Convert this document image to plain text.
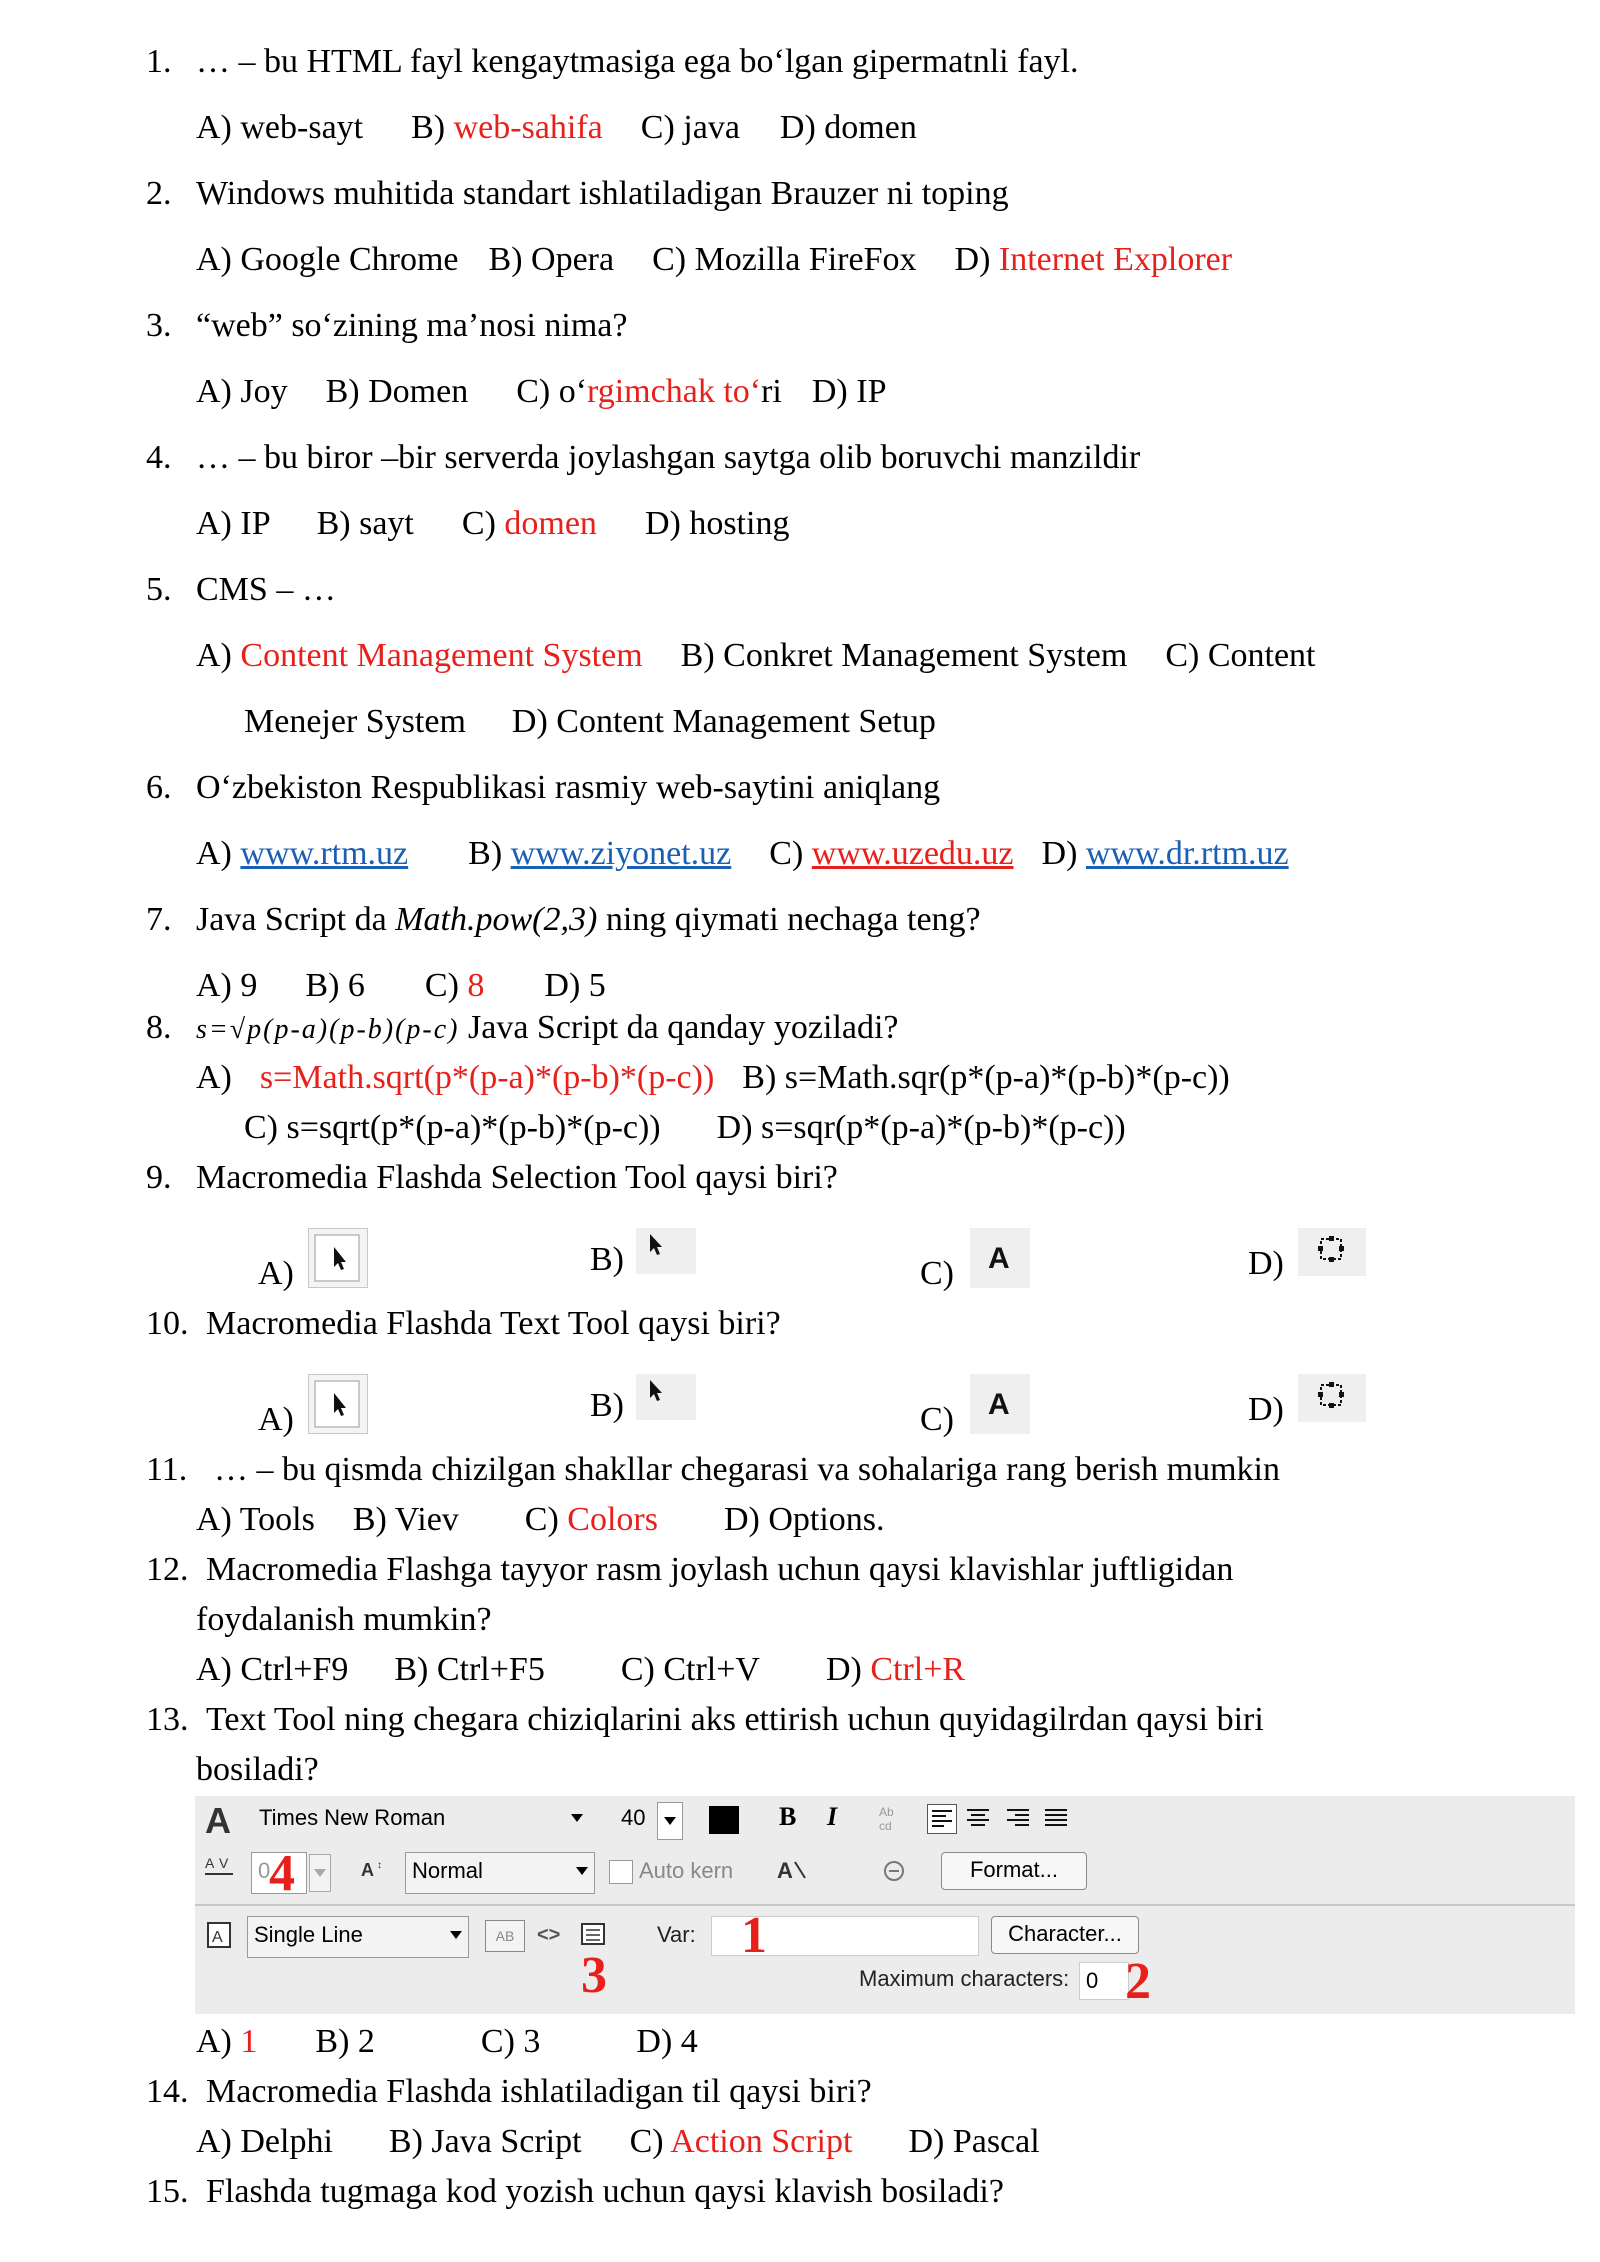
1. … – bu HTML fayl kengaytmasiga ega bo‘lgan gipermatnli fayl.
A) web-sayt B) web-sahifa C) java D) domen
2. Windows muhitida standart ishlatiladigan Brauzer ni toping
A) Google Chrome B) Opera C) Mozilla FireFox D) Internet Explorer
3. “web” so‘zining ma’nosi nima?
A) Joy B) Domen C) o‘rgimchak to‘ri D) IP
4. … – bu biror –bir serverda joylashgan saytga olib boruvchi manzildir
A) IP B) sayt C) domen D) hosting
5. CMS – …
A) Content Management System B) Conkret Management System C) Content
Menejer System D) Content Management Setup
6. O‘zbekiston Respublikasi rasmiy web-saytini aniqlang
A) www.rtm.uz B) www.ziyonet.uz C) www.uzedu.uz D) www.dr.rtm.uz
7. Java Script da Math.pow(2,3) ning qiymati nechaga teng?
A) 9 B) 6 C) 8 D) 5
8. s=√p(p-a)(p-b)(p-c) Java Script da qanday yoziladi?
A) s=Math.sqrt(p*(p-a)*(p-b)*(p-c)) B) s=Math.sqr(p*(p-a)*(p-b)*(p-c))
C) s=sqrt(p*(p-a)*(p-b)*(p-c)) D) s=sqr(p*(p-a)*(p-b)*(p-c))
9. Macromedia Flashda Selection Tool qaysi biri?
A)	B)	C) A	D)
10. Macromedia Flashda Text Tool qaysi biri?
A)	B)	C) A	D)
11. … – bu qismda chizilgan shakllar chegarasi va sohalariga rang berish mumkin
A) Tools B) Viev C) Colors D) Options.
12. Macromedia Flashga tayyor rasm joylash uchun qaysi klavishlar juftligidan
foydalanish mumkin?
A) Ctrl+F9 B) Ctrl+F5 C) Ctrl+V D) Ctrl+R
13. Text Tool ning chegara chiziqlarini aks ettirish uchun quyidagilrdan qaysi biri
bosiladi?
A Times New Roman	40	B I	Ab
cd
A V	0
4	A ↕	Normal	Auto kern A	Format...
A	Single Line	AB	<>
3
Var: 1	Character...
Maximum characters: 0 2
A) 1 B) 2	C) 3	D) 4
14. Macromedia Flashda ishlatiladigan til qaysi biri?
A) Delphi B) Java Script C) Action Script D) Pascal
15. Flashda tugmaga kod yozish uchun qaysi klavish bosiladi?
